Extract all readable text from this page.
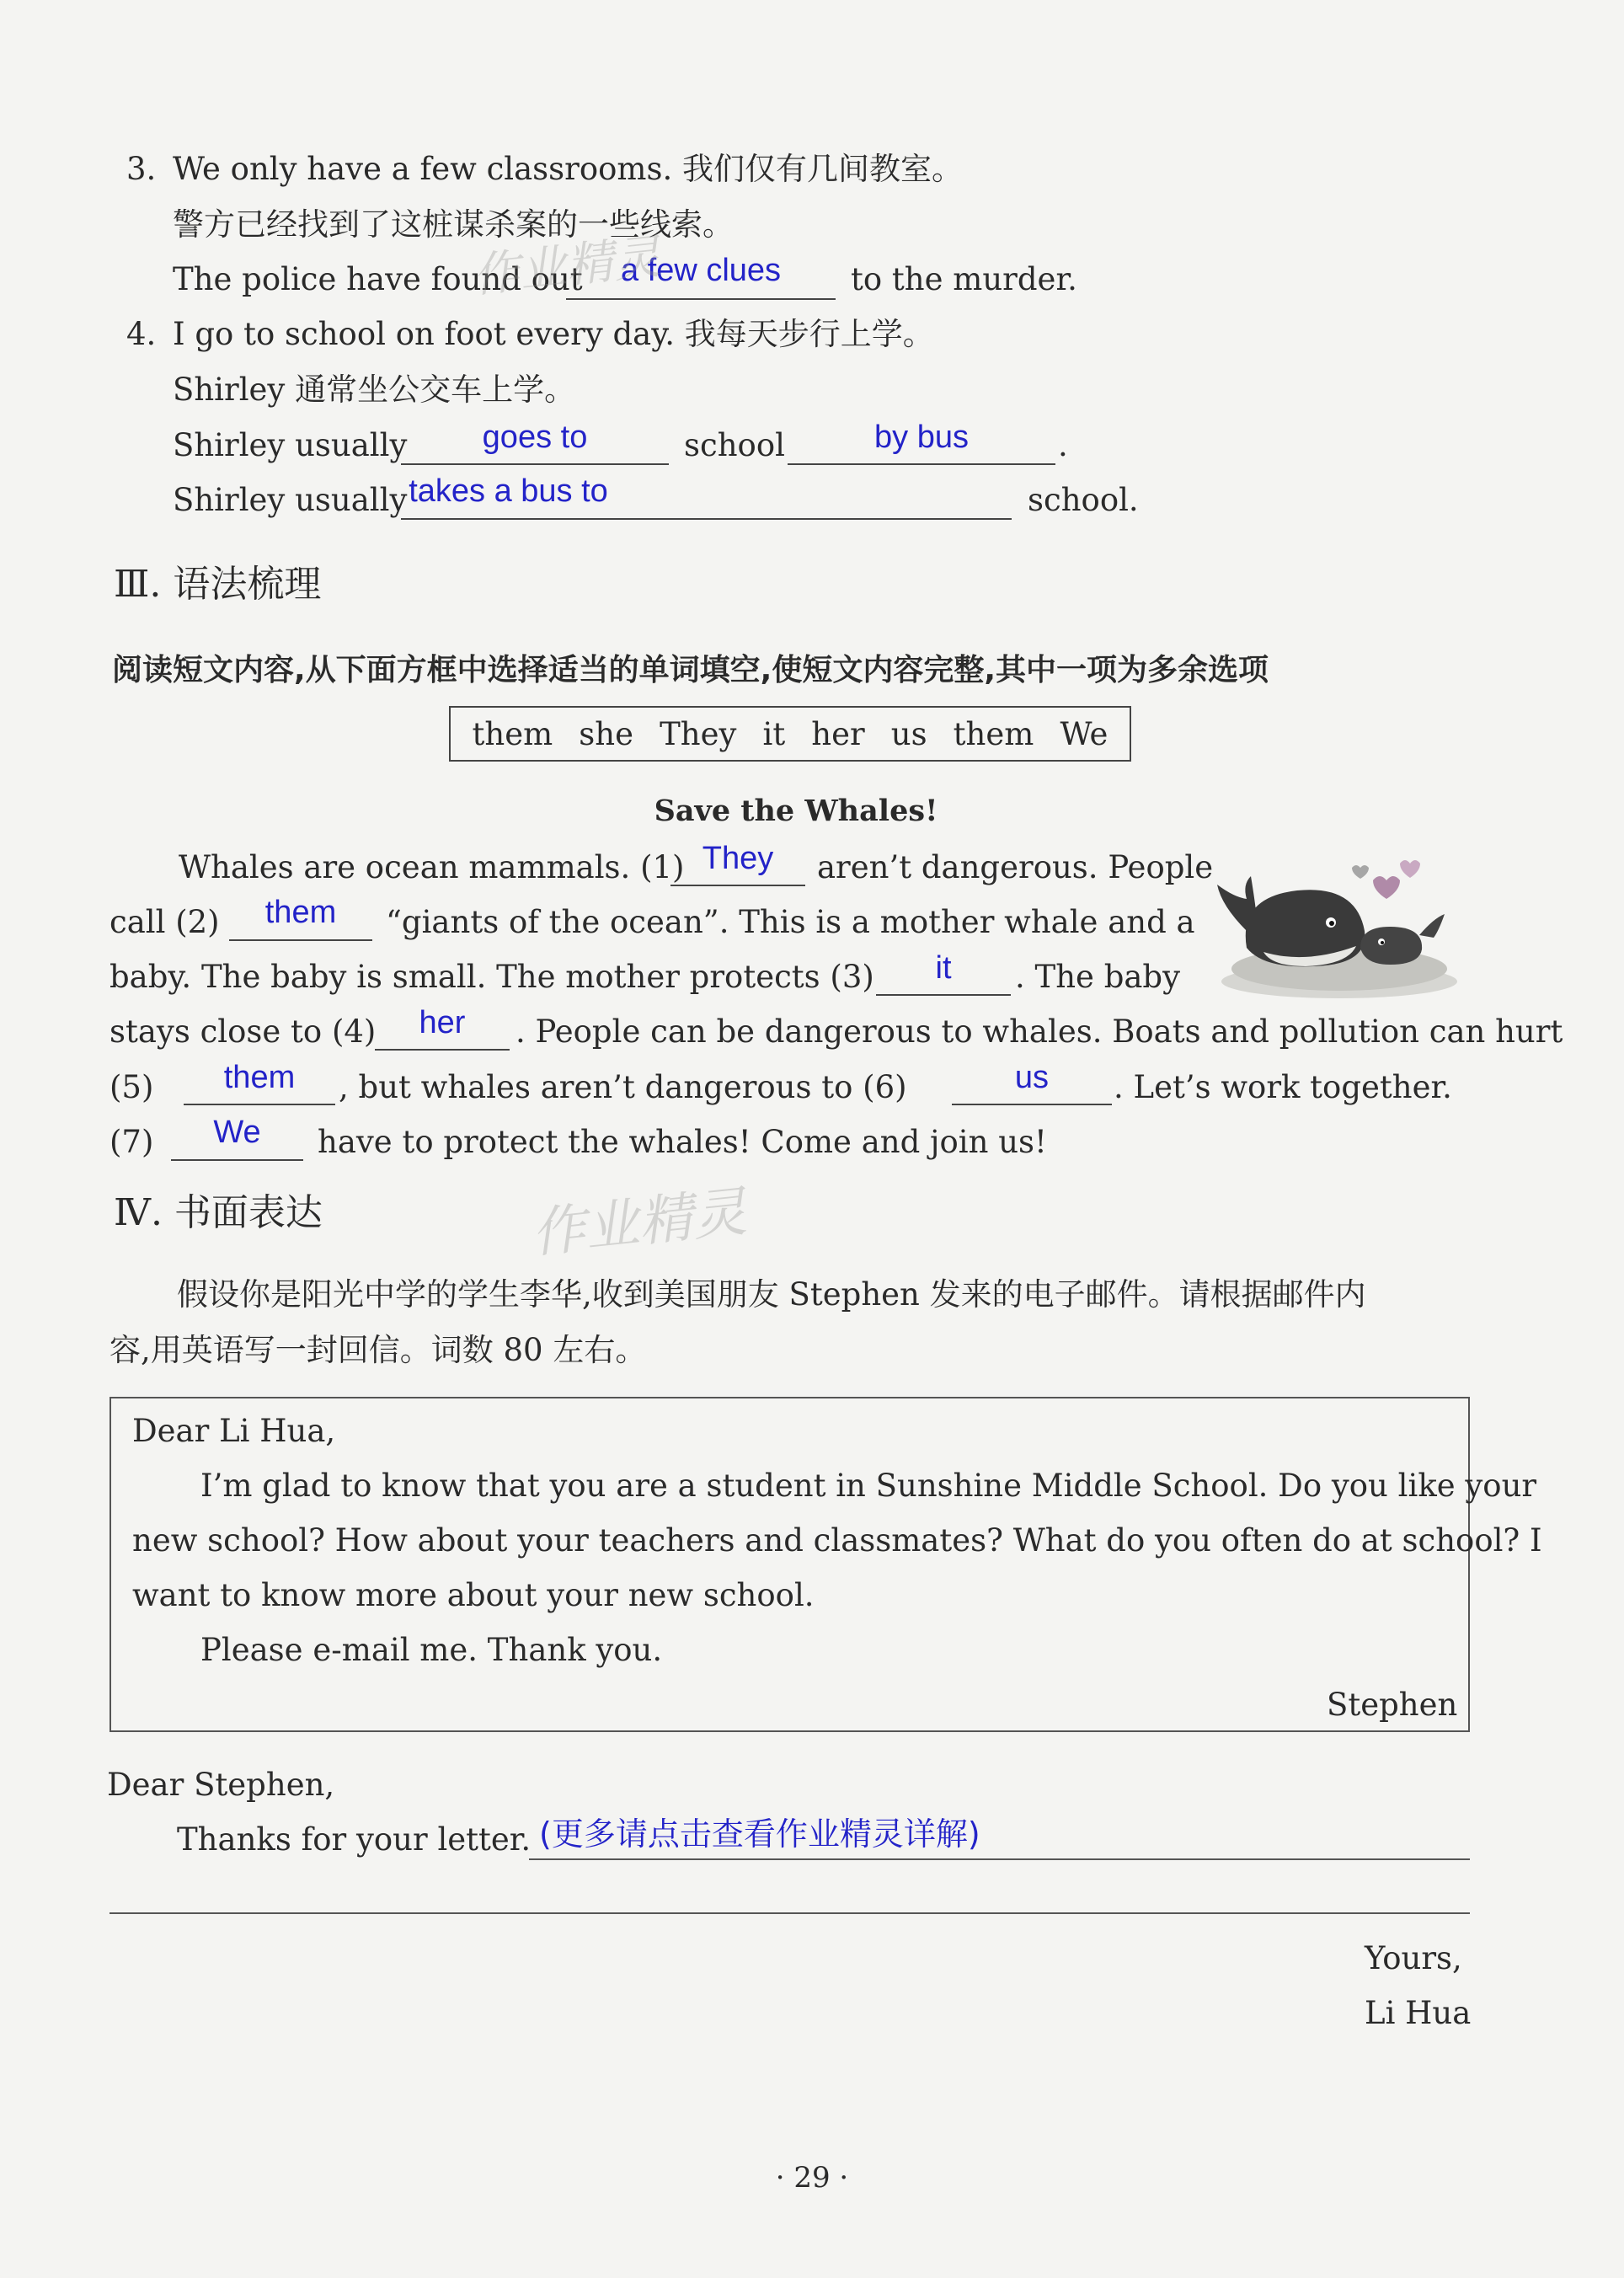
3. We only have a few classrooms. 我们仅有几间教室。
警方已经找到了这桩谋杀案的一些线索。
The police have found out	a few clues	to the murder.
作业精灵
4. I go to school on foot every day. 我每天步行上学。
Shirley 通常坐公交车上学。
Shirley usually	goes to	school	by bus	.
Shirley usually takes a bus to	school.
Ⅲ. 语法梳理
阅读短文内容,从下面方框中选择适当的单词填空,使短文内容完整,其中一项为多余选项
them she They it her us them We
Save the Whales!
Whales are ocean mammals. (1) They	aren’t dangerous. People
call (2)	them	“giants of the ocean”. This is a mother whale and a
baby. The baby is small. The mother protects (3)	it	. The baby
stays close to (4)	her	. People can be dangerous to whales. Boats and pollution can hurt
(5)	them	, but whales aren’t dangerous to (6)	us	. Let’s work together.
(7)	We	have to protect the whales! Come and join us!
Ⅳ. 书面表达	作业精灵
假设你是阳光中学的学生李华,收到美国朋友 Stephen 发来的电子邮件。请根据邮件内
容,用英语写一封回信。词数 80 左右。
Dear Li Hua,
I’m glad to know that you are a student in Sunshine Middle School. Do you like your
new school? How about your teachers and classmates? What do you often do at school? I
want to know more about your new school.
Please e-mail me. Thank you.
Stephen
Dear Stephen,
Thanks for your letter. (更多请点击查看作业精灵详解)
Yours,
Li Hua
· 29 ·
